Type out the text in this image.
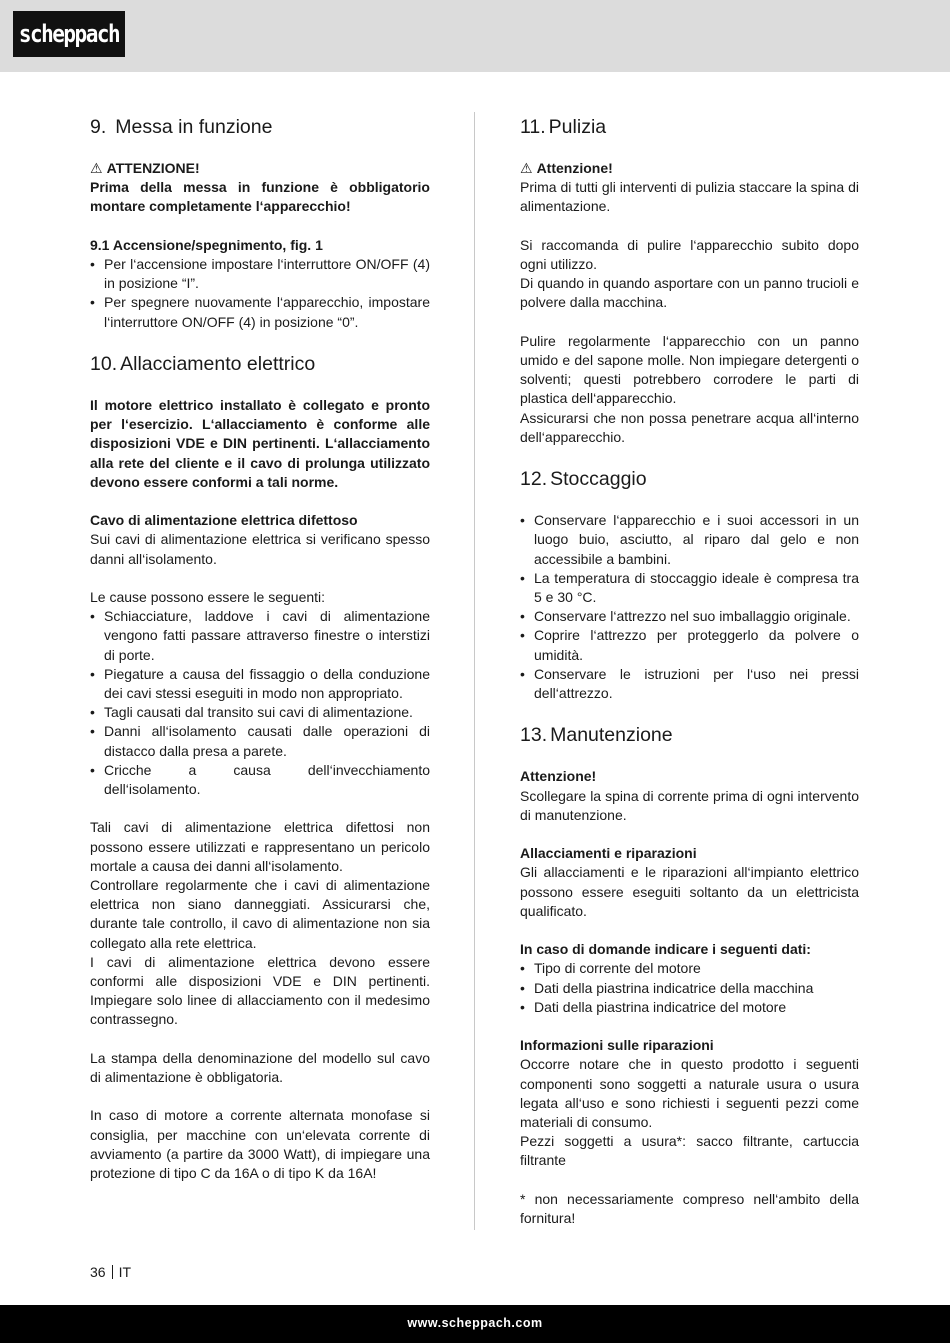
scheppach
9. Messa in funzione

⚠ ATTENZIONE!

Prima della messa in funzione è obbligatorio montare completamente l‘apparecchio!

9.1 Accensione/spegnimento, fig. 1

• Per l‘accensione impostare l‘interruttore ON/OFF (4) in posizione “I”.
• Per spegnere nuovamente l‘apparecchio, impostare l‘interruttore ON/OFF (4) in posizione “0”.
10. Allacciamento elettrico

Il motore elettrico installato è collegato e pronto per l‘esercizio. L‘allacciamento è conforme alle disposizioni VDE e DIN pertinenti. L‘allacciamento alla rete del cliente e il cavo di prolunga utilizzato devono essere conformi a tali norme.

Cavo di alimentazione elettrica difettoso

Sui cavi di alimentazione elettrica si verificano spesso danni all‘isolamento.

Le cause possono essere le seguenti:

• Schiacciature, laddove i cavi di alimentazione vengono fatti passare attraverso finestre o interstizi di porte.
• Piegature a causa del fissaggio o della conduzione dei cavi stessi eseguiti in modo non appropriato.
• Tagli causati dal transito sui cavi di alimentazione.
• Danni all‘isolamento causati dalle operazioni di distacco dalla presa a parete.
• Cricche a causa dell‘invecchiamento dell‘isolamento.

Tali cavi di alimentazione elettrica difettosi non possono essere utilizzati e rappresentano un pericolo mortale a causa dei danni all‘isolamento.

Controllare regolarmente che i cavi di alimentazione elettrica non siano danneggiati. Assicurarsi che, durante tale controllo, il cavo di alimentazione non sia collegato alla rete elettrica.

I cavi di alimentazione elettrica devono essere conformi alle disposizioni VDE e DIN pertinenti. Impiegare solo linee di allacciamento con il medesimo contrassegno.

La stampa della denominazione del modello sul cavo di alimentazione è obbligatoria.

In caso di motore a corrente alternata monofase si consiglia, per macchine con un‘elevata corrente di avviamento (a partire da 3000 Watt), di impiegare una protezione di tipo C da 16A o di tipo K da 16A!

11. Pulizia

⚠ Attenzione!

Prima di tutti gli interventi di pulizia staccare la spina di alimentazione.

Si raccomanda di pulire l‘apparecchio subito dopo ogni utilizzo.

Di quando in quando asportare con un panno trucioli e polvere dalla macchina.

Pulire regolarmente l‘apparecchio con un panno umido e del sapone molle. Non impiegare detergenti o solventi; questi potrebbero corrodere le parti di plastica dell‘apparecchio.

Assicurarsi che non possa penetrare acqua all‘interno dell‘apparecchio.

12. Stoccaggio
• Conservare l‘apparecchio e i suoi accessori in un luogo buio, asciutto, al riparo dal gelo e non accessibile a bambini.
• La temperatura di stoccaggio ideale è compresa tra 5 e 30 °C.
• Conservare l‘attrezzo nel suo imballaggio originale.
• Coprire l‘attrezzo per proteggerlo da polvere o umidità.
• Conservare le istruzioni per l‘uso nei pressi dell‘attrezzo.
13. Manutenzione

Attenzione!

Scollegare la spina di corrente prima di ogni intervento di manutenzione.

Allacciamenti e riparazioni

Gli allacciamenti e le riparazioni all‘impianto elettrico possono essere eseguiti soltanto da un elettricista qualificato.

In caso di domande indicare i seguenti dati:

• Tipo di corrente del motore
• Dati della piastrina indicatrice della macchina
• Dati della piastrina indicatrice del motore

Informazioni sulle riparazioni

Occorre notare che in questo prodotto i seguenti componenti sono soggetti a naturale usura o usura legata all‘uso e sono richiesti i seguenti pezzi come materiali di consumo.

Pezzi soggetti a usura*: sacco filtrante, cartuccia filtrante

* non necessariamente compreso nell‘ambito della fornitura!

36 IT
www.scheppach.com
